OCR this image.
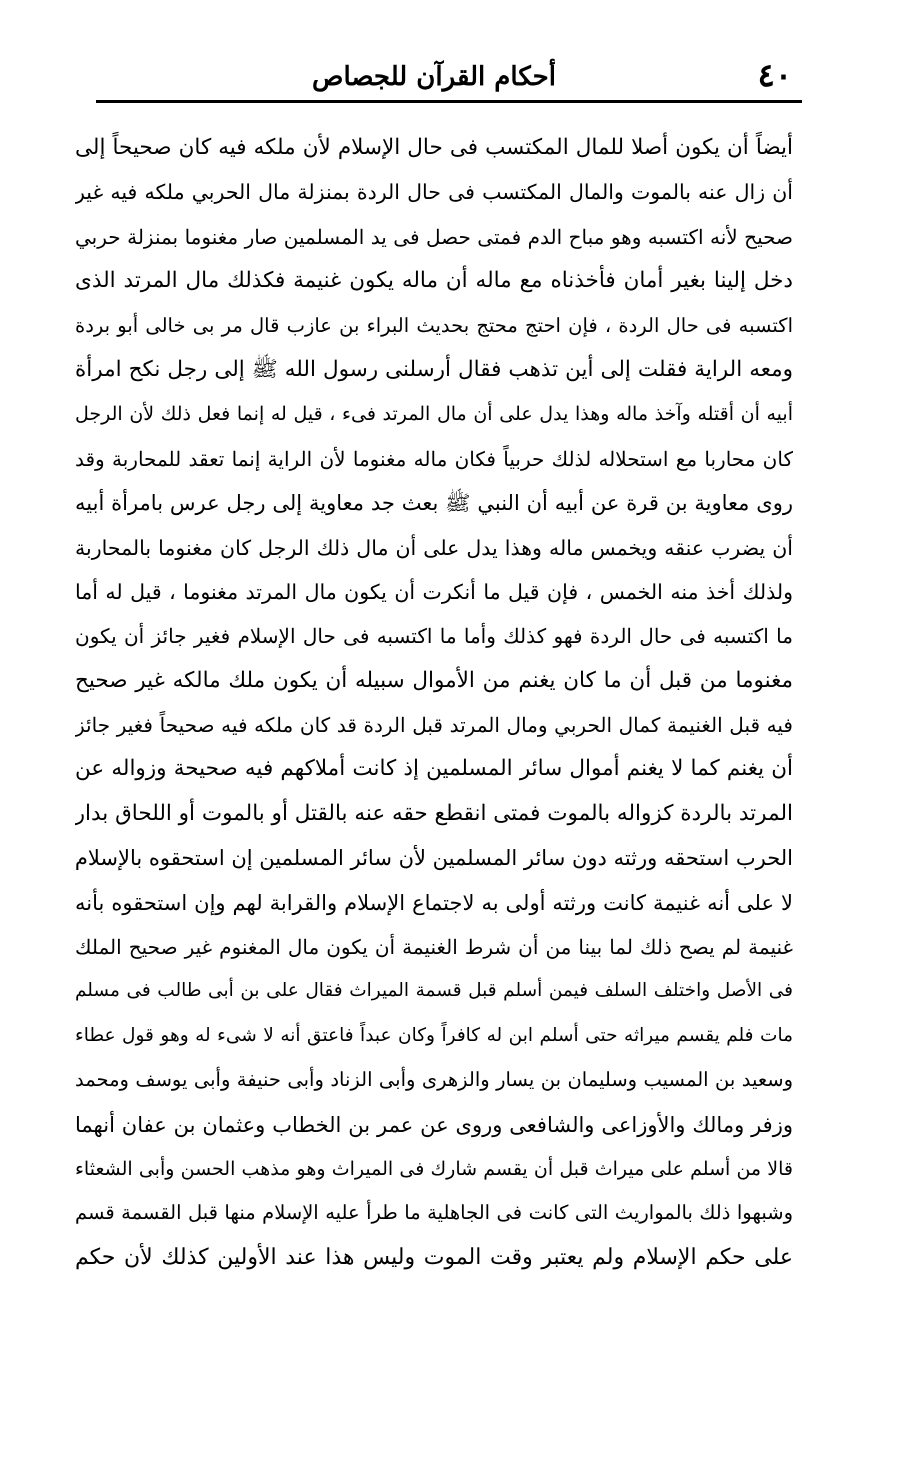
٤٠
أحكام القرآن للجصاص
أيضاً أن يكون أصلا للمال المكتسب فى حال الإسلام لأن ملكه فيه كان صحيحاً إلى
أن زال عنه بالموت والمال المكتسب فى حال الردة بمنزلة مال الحربي ملكه فيه غير
صحيح لأنه اكتسبه وهو مباح الدم فمتى حصل فى يد المسلمين صار مغنوما بمنزلة حربي
دخل إلينا بغير أمان فأخذناه مع ماله أن ماله يكون غنيمة فكذلك مال المرتد الذى
اكتسبه فى حال الردة ، فإن احتج محتج بحديث البراء بن عازب قال مر بى خالى أبو بردة
ومعه الراية فقلت إلى أين تذهب فقال أرسلنى رسول الله ﷺ إلى رجل نكح امرأة
أبيه أن أقتله وآخذ ماله وهذا يدل على أن مال المرتد فىء ، قيل له إنما فعل ذلك لأن الرجل
كان محاربا مع استحلاله لذلك حربياً فكان ماله مغنوما لأن الراية إنما تعقد للمحاربة وقد
روى معاوية بن قرة عن أبيه أن النبي ﷺ بعث جد معاوية إلى رجل عرس بامرأة أبيه
أن يضرب عنقه ويخمس ماله وهذا يدل على أن مال ذلك الرجل كان مغنوما بالمحاربة
ولذلك أخذ منه الخمس ، فإن قيل ما أنكرت أن يكون مال المرتد مغنوما ، قيل له أما
ما اكتسبه فى حال الردة فهو كذلك وأما ما اكتسبه فى حال الإسلام فغير جائز أن يكون
مغنوما من قبل أن ما كان يغنم من الأموال سبيله أن يكون ملك مالكه غير صحيح
فيه قبل الغنيمة كمال الحربي ومال المرتد قبل الردة قد كان ملكه فيه صحيحاً فغير جائز
أن يغنم كما لا يغنم أموال سائر المسلمين إذ كانت أملاكهم فيه صحيحة وزواله عن
المرتد بالردة كزواله بالموت فمتى انقطع حقه عنه بالقتل أو بالموت أو اللحاق بدار
الحرب استحقه ورثته دون سائر المسلمين لأن سائر المسلمين إن استحقوه بالإسلام
لا على أنه غنيمة كانت ورثته أولى به لاجتماع الإسلام والقرابة لهم وإن استحقوه بأنه
غنيمة لم يصح ذلك لما بينا من أن شرط الغنيمة أن يكون مال المغنوم غير صحيح الملك
فى الأصل واختلف السلف فيمن أسلم قبل قسمة الميراث فقال على بن أبى طالب فى مسلم
مات فلم يقسم ميراثه حتى أسلم ابن له كافراً وكان عبداً فاعتق أنه لا شىء له وهو قول عطاء
وسعيد بن المسيب وسليمان بن يسار والزهرى وأبى الزناد وأبى حنيفة وأبى يوسف ومحمد
وزفر ومالك والأوزاعى والشافعى وروى عن عمر بن الخطاب وعثمان بن عفان أنهما
قالا من أسلم على ميراث قبل أن يقسم شارك فى الميراث وهو مذهب الحسن وأبى الشعثاء
وشبهوا ذلك بالمواريث التى كانت فى الجاهلية ما طرأ عليه الإسلام منها قبل القسمة قسم
على حكم الإسلام ولم يعتبر وقت الموت وليس هذا عند الأولين كذلك لأن حكم
